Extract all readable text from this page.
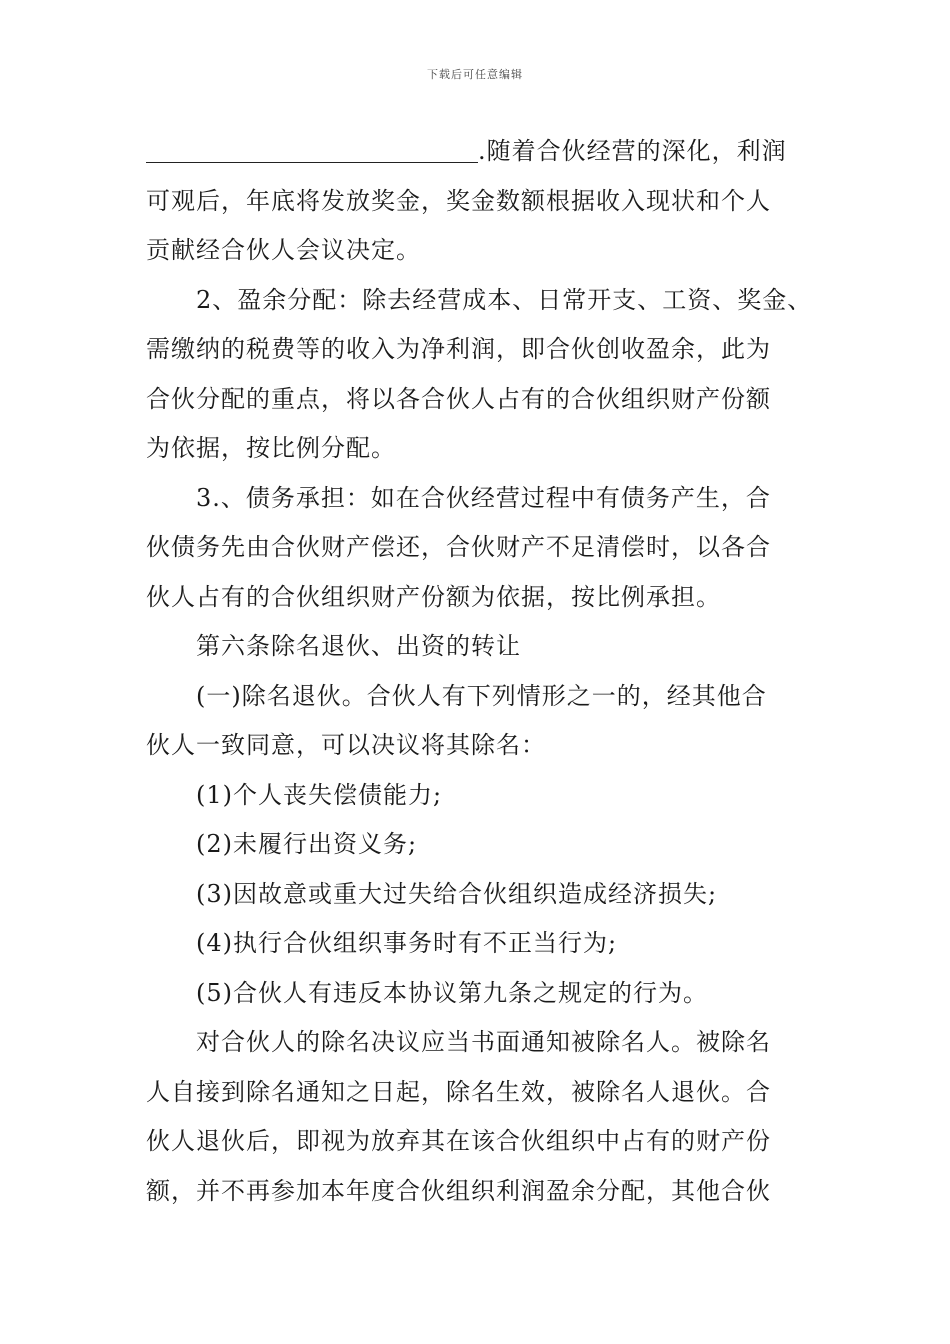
下载后可任意编辑
.随着合伙经营的深化，利润
可观后，年底将发放奖金，奖金数额根据收入现状和个人
贡献经合伙人会议决定。
2、盈余分配：除去经营成本、日常开支、工资、奖金、
需缴纳的税费等的收入为净利润，即合伙创收盈余，此为
合伙分配的重点，将以各合伙人占有的合伙组织财产份额
为依据，按比例分配。
3.、债务承担：如在合伙经营过程中有债务产生，合
伙债务先由合伙财产偿还，合伙财产不足清偿时，以各合
伙人占有的合伙组织财产份额为依据，按比例承担。
第六条除名退伙、出资的转让
(一)除名退伙。合伙人有下列情形之一的，经其他合
伙人一致同意，可以决议将其除名：
(1)个人丧失偿债能力;
(2)未履行出资义务;
(3)因故意或重大过失给合伙组织造成经济损失;
(4)执行合伙组织事务时有不正当行为;
(5)合伙人有违反本协议第九条之规定的行为。
对合伙人的除名决议应当书面通知被除名人。被除名
人自接到除名通知之日起，除名生效，被除名人退伙。合
伙人退伙后，即视为放弃其在该合伙组织中占有的财产份
额，并不再参加本年度合伙组织利润盈余分配，其他合伙
